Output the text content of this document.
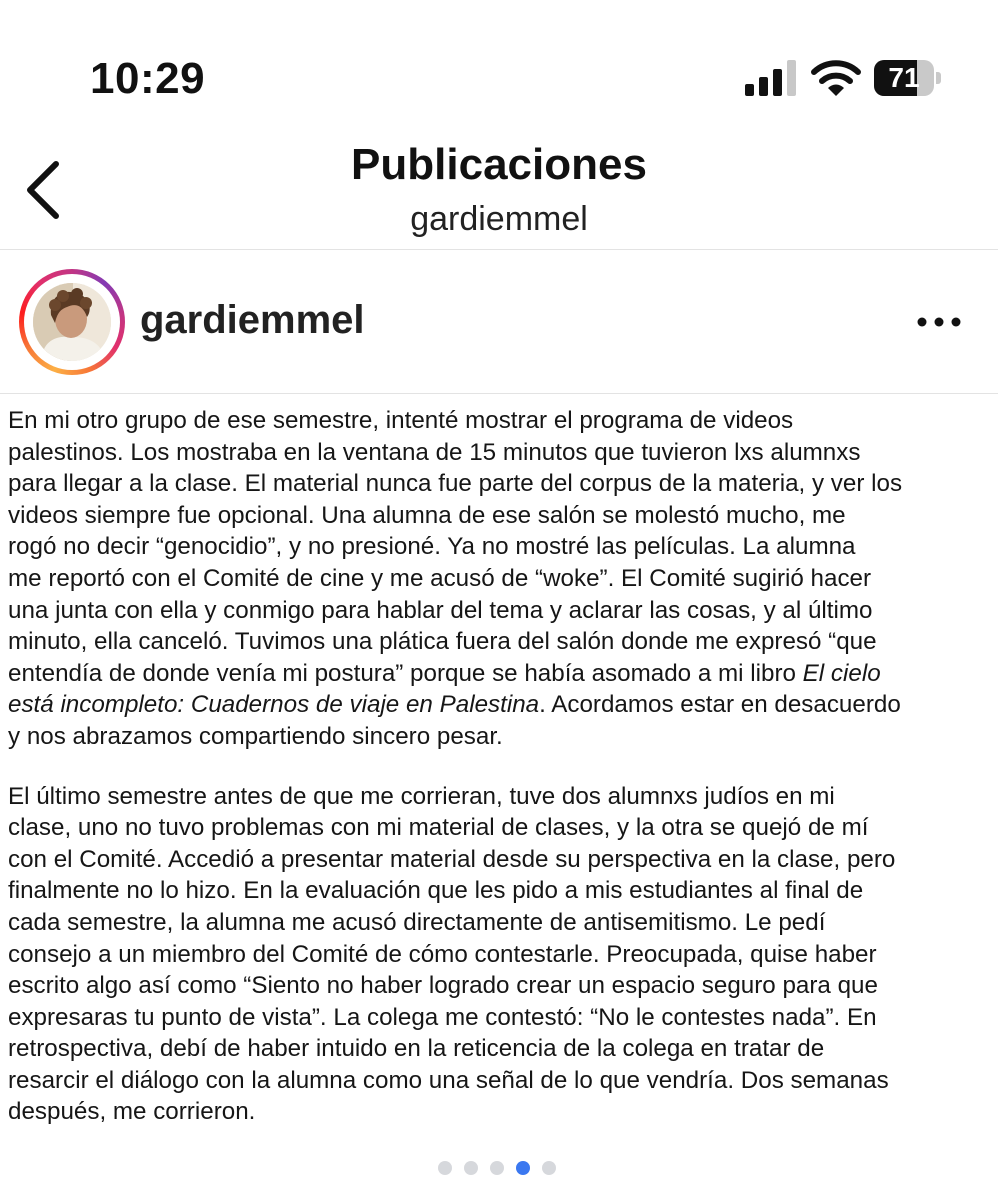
10:29	71
Publicaciones
gardiemmel
gardiemmel

En mi otro grupo de ese semestre, intenté mostrar el programa de videos
palestinos. Los mostraba en la ventana de 15 minutos que tuvieron lxs alumnxs
para llegar a la clase. El material nunca fue parte del corpus de la materia, y ver los
videos siempre fue opcional. Una alumna de ese salón se molestó mucho, me
rogó no decir “genocidio”, y no presioné. Ya no mostré las películas. La alumna
me reportó con el Comité de cine y me acusó de “woke”. El Comité sugirió hacer
una junta con ella y conmigo para hablar del tema y aclarar las cosas, y al último
minuto, ella canceló. Tuvimos una plática fuera del salón donde me expresó “que
entendía de donde venía mi postura” porque se había asomado a mi libro El cielo
está incompleto: Cuadernos de viaje en Palestina. Acordamos estar en desacuerdo
y nos abrazamos compartiendo sincero pesar.

El último semestre antes de que me corrieran, tuve dos alumnxs judíos en mi
clase, uno no tuvo problemas con mi material de clases, y la otra se quejó de mí
con el Comité. Accedió a presentar material desde su perspectiva en la clase, pero
finalmente no lo hizo. En la evaluación que les pido a mis estudiantes al final de
cada semestre, la alumna me acusó directamente de antisemitismo. Le pedí
consejo a un miembro del Comité de cómo contestarle. Preocupada, quise haber
escrito algo así como “Siento no haber logrado crear un espacio seguro para que
expresaras tu punto de vista”. La colega me contestó: “No le contestes nada”. En
retrospectiva, debí de haber intuido en la reticencia de la colega en tratar de
resarcir el diálogo con la alumna como una señal de lo que vendría. Dos semanas
después, me corrieron.
